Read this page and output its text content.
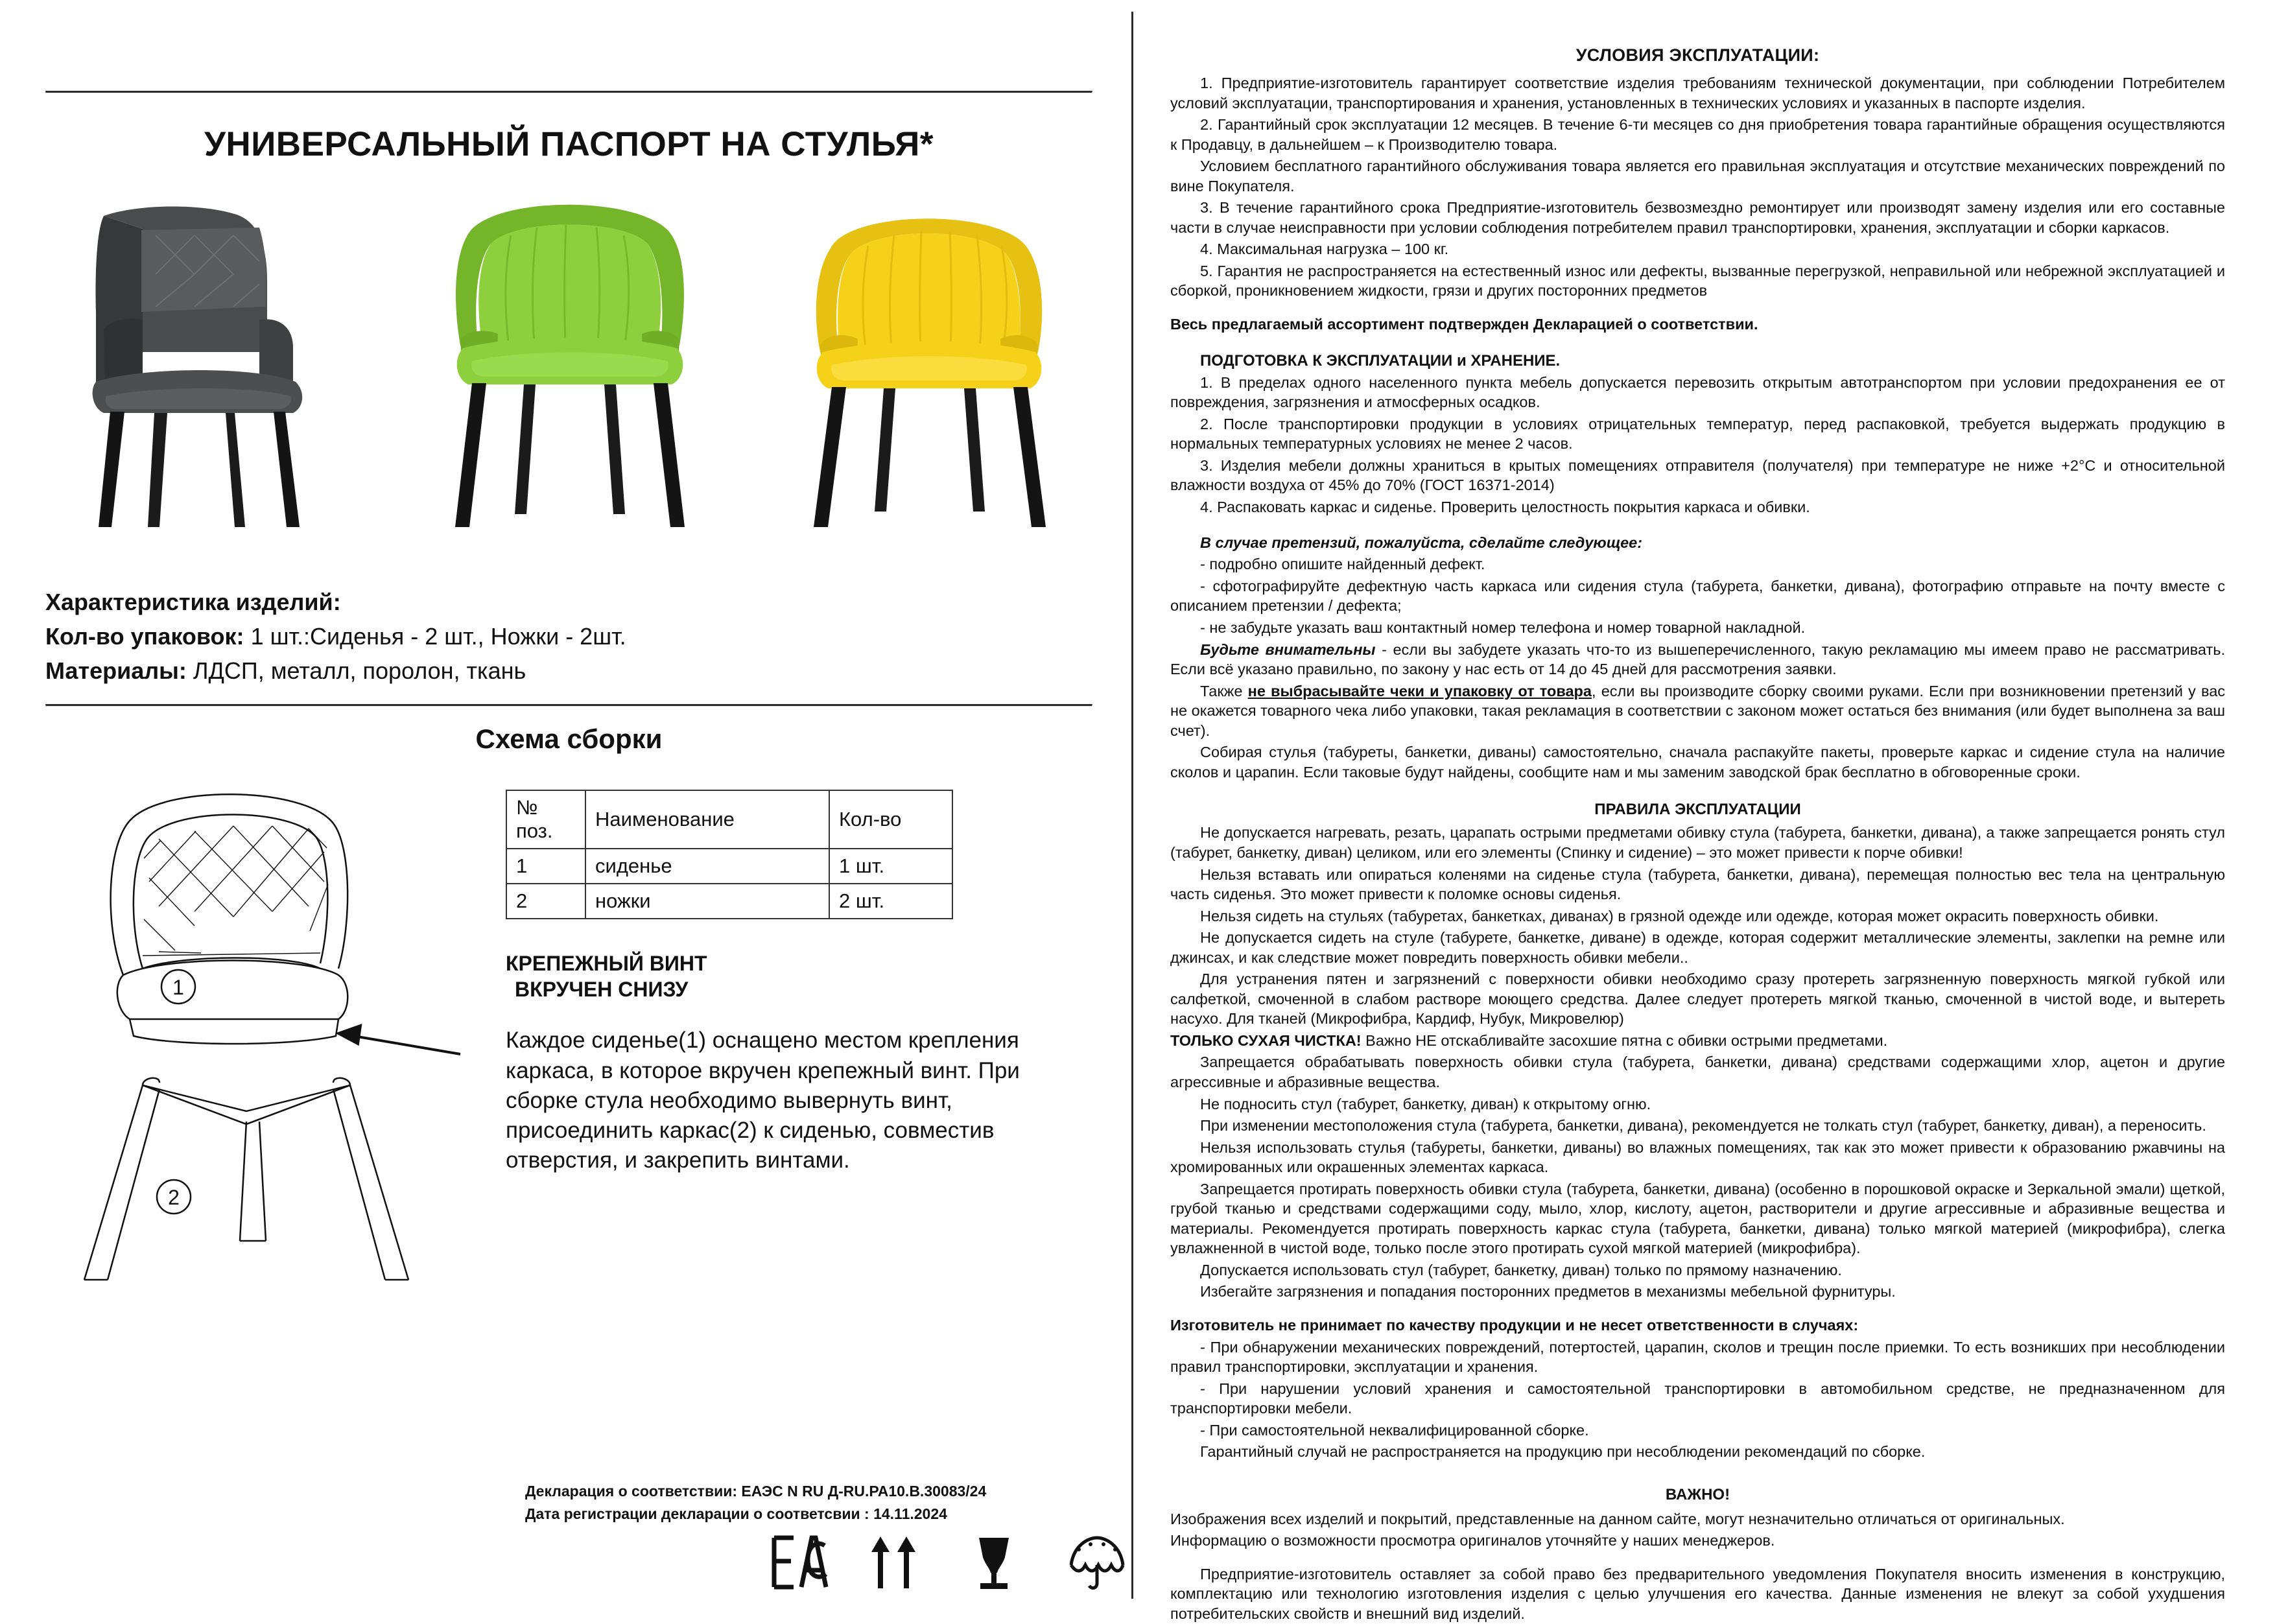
УНИВЕРСАЛЬНЫЙ ПАСПОРТ НА СТУЛЬЯ*
Характеристика изделий:
Кол-во упаковок: 1 шт.:Сиденья - 2 шт., Ножки - 2шт.
Материалы: ЛДСП, металл, поролон, ткань
Схема сборки
1
2
№ поз.	Наименование	Кол-во
1	сиденье	1 шт.
2	ножки	2 шт.
КРЕПЕЖНЫЙ ВИНТ
ВКРУЧЕН СНИЗУ
Каждое сиденье(1) оснащено местом крепления каркаса, в которое вкручен крепежный винт. При сборке стула необходимо вывернуть винт, присоединить каркас(2) к сиденью, совместив отверстия, и закрепить винтами.
Декларация о соответствии: ЕАЭС N RU Д-RU.РА10.В.30083/24
Дата регистрации декларации о соответсвии : 14.11.2024
УСЛОВИЯ ЭКСПЛУАТАЦИИ:

1. Предприятие-изготовитель гарантирует соответствие изделия требованиям технической документации, при соблюдении Потребителем условий эксплуатации, транспортирования и хранения, установленных в технических условиях и указанных в паспорте изделия.

2. Гарантийный срок эксплуатации 12 месяцев. В течение 6-ти месяцев со дня приобретения товара гарантийные обращения осуществляются к Продавцу, в дальнейшем – к Производителю товара.

Условием бесплатного гарантийного обслуживания товара является его правильная эксплуатация и отсутствие механических повреждений по вине Покупателя.

3. В течение гарантийного срока Предприятие-изготовитель безвозмездно ремонтирует или производят замену изделия или его составные части в случае неисправности при условии соблюдения потребителем правил транспортировки, хранения, эксплуатации и сборки каркасов.

4. Максимальная нагрузка – 100 кг.

5. Гарантия не распространяется на естественный износ или дефекты, вызванные перегрузкой, неправильной или небрежной эксплуатацией и сборкой, проникновением жидкости, грязи и других посторонних предметов

Весь предлагаемый ассортимент подтвержден Декларацией о соответствии.

ПОДГОТОВКА К ЭКСПЛУАТАЦИИ и ХРАНЕНИЕ.

1. В пределах одного населенного пункта мебель допускается перевозить открытым автотранспортом при условии предохранения ее от повреждения, загрязнения и атмосферных осадков.

2. После транспортировки продукции в условиях отрицательных температур, перед распаковкой, требуется выдержать продукцию в нормальных температурных условиях не менее 2 часов.

3. Изделия мебели должны храниться в крытых помещениях отправителя (получателя) при температуре не ниже +2°С и относительной влажности воздуха от 45% до 70% (ГОСТ 16371-2014)

4. Распаковать каркас и сиденье. Проверить целостность покрытия каркаса и обивки.

В случае претензий, пожалуйста, сделайте следующее:

- подробно опишите найденный дефект.

- сфотографируйте дефектную часть каркаса или сидения стула (табурета, банкетки, дивана), фотографию отправьте на почту вместе с описанием претензии / дефекта;

- не забудьте указать ваш контактный номер телефона и номер товарной накладной.

Будьте внимательны - если вы забудете указать что-то из вышеперечисленного, такую рекламацию мы имеем право не рассматривать. Если всё указано правильно, по закону у нас есть от 14 до 45 дней для рассмотрения заявки.

Также не выбрасывайте чеки и упаковку от товара, если вы производите сборку своими руками. Если при возникновении претензий у вас не окажется товарного чека либо упаковки, такая рекламация в соответствии с законом может остаться без внимания (или будет выполнена за ваш счет).

Собирая стулья (табуреты, банкетки, диваны) самостоятельно, сначала распакуйте пакеты, проверьте каркас и сидение стула на наличие сколов и царапин. Если таковые будут найдены, сообщите нам и мы заменим заводской брак бесплатно в обговоренные сроки.

ПРАВИЛА ЭКСПЛУАТАЦИИ

Не допускается нагревать, резать, царапать острыми предметами обивку стула (табурета, банкетки, дивана), а также запрещается ронять стул (табурет, банкетку, диван) целиком, или его элементы (Спинку и сидение) – это может привести к порче обивки!

Нельзя вставать или опираться коленями на сиденье стула (табурета, банкетки, дивана), перемещая полностью вес тела на центральную часть сиденья. Это может привести к поломке основы сиденья.

Нельзя сидеть на стульях (табуретах, банкетках, диванах) в грязной одежде или одежде, которая может окрасить поверхность обивки.

Не допускается сидеть на стуле (табурете, банкетке, диване) в одежде, которая содержит металлические элементы, заклепки на ремне или джинсах, и как следствие может повредить поверхность обивки мебели..

Для устранения пятен и загрязнений с поверхности обивки необходимо сразу протереть загрязненную поверхность мягкой губкой или салфеткой, смоченной в слабом растворе моющего средства. Далее следует протереть мягкой тканью, смоченной в чистой воде, и вытереть насухо. Для тканей (Микрофибра, Кардиф, Нубук, Микровелюр)

ТОЛЬКО СУХАЯ ЧИСТКА! Важно НЕ отскабливайте засохшие пятна с обивки острыми предметами.

Запрещается обрабатывать поверхность обивки стула (табурета, банкетки, дивана) средствами содержащими хлор, ацетон и другие агрессивные и абразивные вещества.

Не подносить стул (табурет, банкетку, диван) к открытому огню.

При изменении местоположения стула (табурета, банкетки, дивана), рекомендуется не толкать стул (табурет, банкетку, диван), а переносить.

Нельзя использовать стулья (табуреты, банкетки, диваны) во влажных помещениях, так как это может привести к образованию ржавчины на хромированных или окрашенных элементах каркаса.

Запрещается протирать поверхность обивки стула (табурета, банкетки, дивана) (особенно в порошковой окраске и Зеркальной эмали) щеткой, грубой тканью и средствами содержащими соду, мыло, хлор, кислоту, ацетон, растворители и другие агрессивные и абразивные вещества и материалы. Рекомендуется протирать поверхность каркас стула (табурета, банкетки, дивана) только мягкой материей (микрофибра), слегка увлажненной в чистой воде, только после этого протирать сухой мягкой материей (микрофибра).

Допускается использовать стул (табурет, банкетку, диван) только по прямому назначению.

Избегайте загрязнения и попадания посторонних предметов в механизмы мебельной фурнитуры.

Изготовитель не принимает по качеству продукции и не несет ответственности в случаях:

- При обнаружении механических повреждений, потертостей, царапин, сколов и трещин после приемки. То есть возникших при несоблюдении правил транспортировки, эксплуатации и хранения.

- При нарушении условий хранения и самостоятельной транспортировки в автомобильном средстве, не предназначенном для транспортировки мебели.

- При самостоятельной неквалифицированной сборке.

Гарантийный случай не распространяется на продукцию при несоблюдении рекомендаций по сборке.

ВАЖНО!

Изображения всех изделий и покрытий, представленные на данном сайте, могут незначительно отличаться от оригинальных.

Информацию о возможности просмотра оригиналов уточняйте у наших менеджеров.

Предприятие-изготовитель оставляет за собой право без предварительного уведомления Покупателя вносить изменения в конструкцию, комплектацию или технологию изготовления изделия с целью улучшения его качества. Данные изменения не влекут за собой ухудшения потребительских свойств и внешний вид изделий.
